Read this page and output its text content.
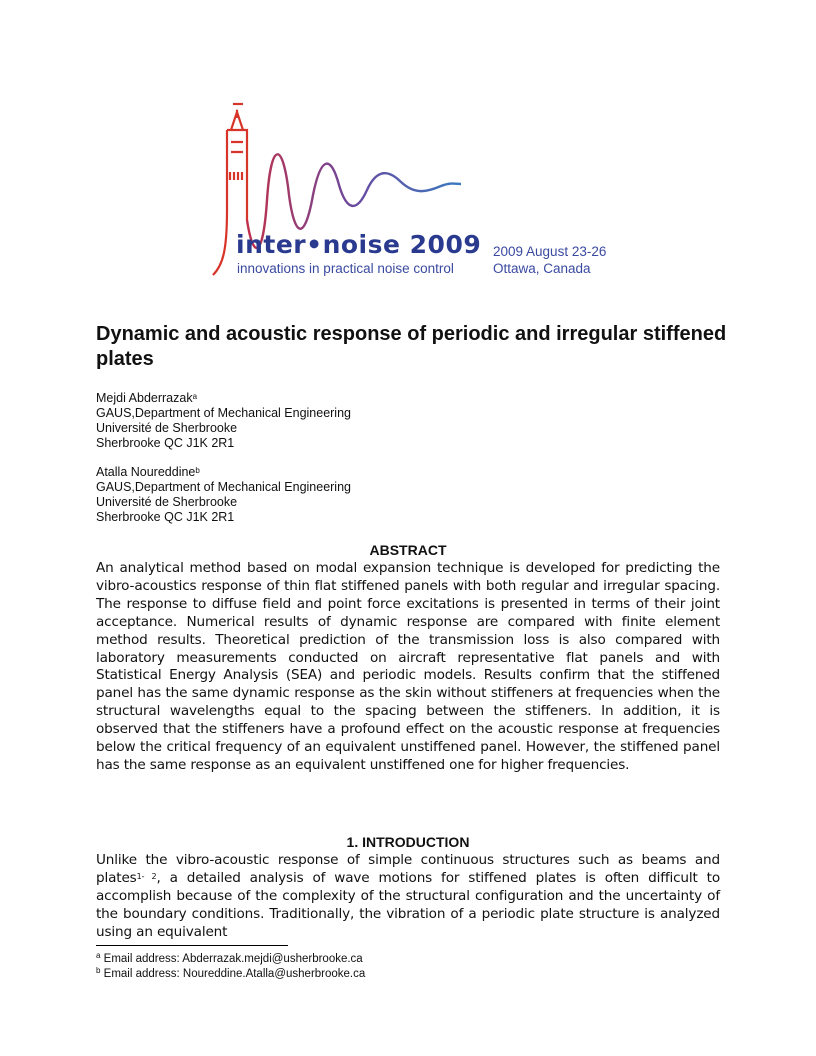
inter•noise 2009
innovations in practical noise control
2009 August 23-26
Ottawa, Canada
Dynamic and acoustic response of periodic and irregular stiffened plates
Mejdi Abderrazak$^a$
GAUS,Department of Mechanical Engineering
Université de Sherbrooke
Sherbrooke QC J1K 2R1
Atalla Noureddine$^b$
GAUS,Department of Mechanical Engineering
Université de Sherbrooke
Sherbrooke QC J1K 2R1
ABSTRACT
An analytical method based on modal expansion technique is developed for predicting the vibro-acoustics response of thin flat stiffened panels with both regular and irregular spacing. The response to diffuse field and point force excitations is presented in terms of their joint acceptance. Numerical results of dynamic response are compared with finite element method results. Theoretical prediction of the transmission loss is also compared with laboratory measurements conducted on aircraft representative flat panels and with Statistical Energy Analysis (SEA) and periodic models. Results confirm that the stiffened panel has the same dynamic response as the skin without stiffeners at frequencies when the structural wavelengths equal to the spacing between the stiffeners. In addition, it is observed that the stiffeners have a profound effect on the acoustic response at frequencies below the critical frequency of an equivalent unstiffened panel. However, the stiffened panel has the same response as an equivalent unstiffened one for higher frequencies.
1. INTRODUCTION
Unlike the vibro-acoustic response of simple continuous structures such as beams and plates$^{1- 2}$, a detailed analysis of wave motions for stiffened plates is often difficult to accomplish because of the complexity of the structural configuration and the uncertainty of the boundary conditions. Traditionally, the vibration of a periodic plate structure is analyzed using an equivalent
$^a$ Email address: Abderrazak.mejdi@usherbrooke.ca
$^b$ Email address: Noureddine.Atalla@usherbrooke.ca
